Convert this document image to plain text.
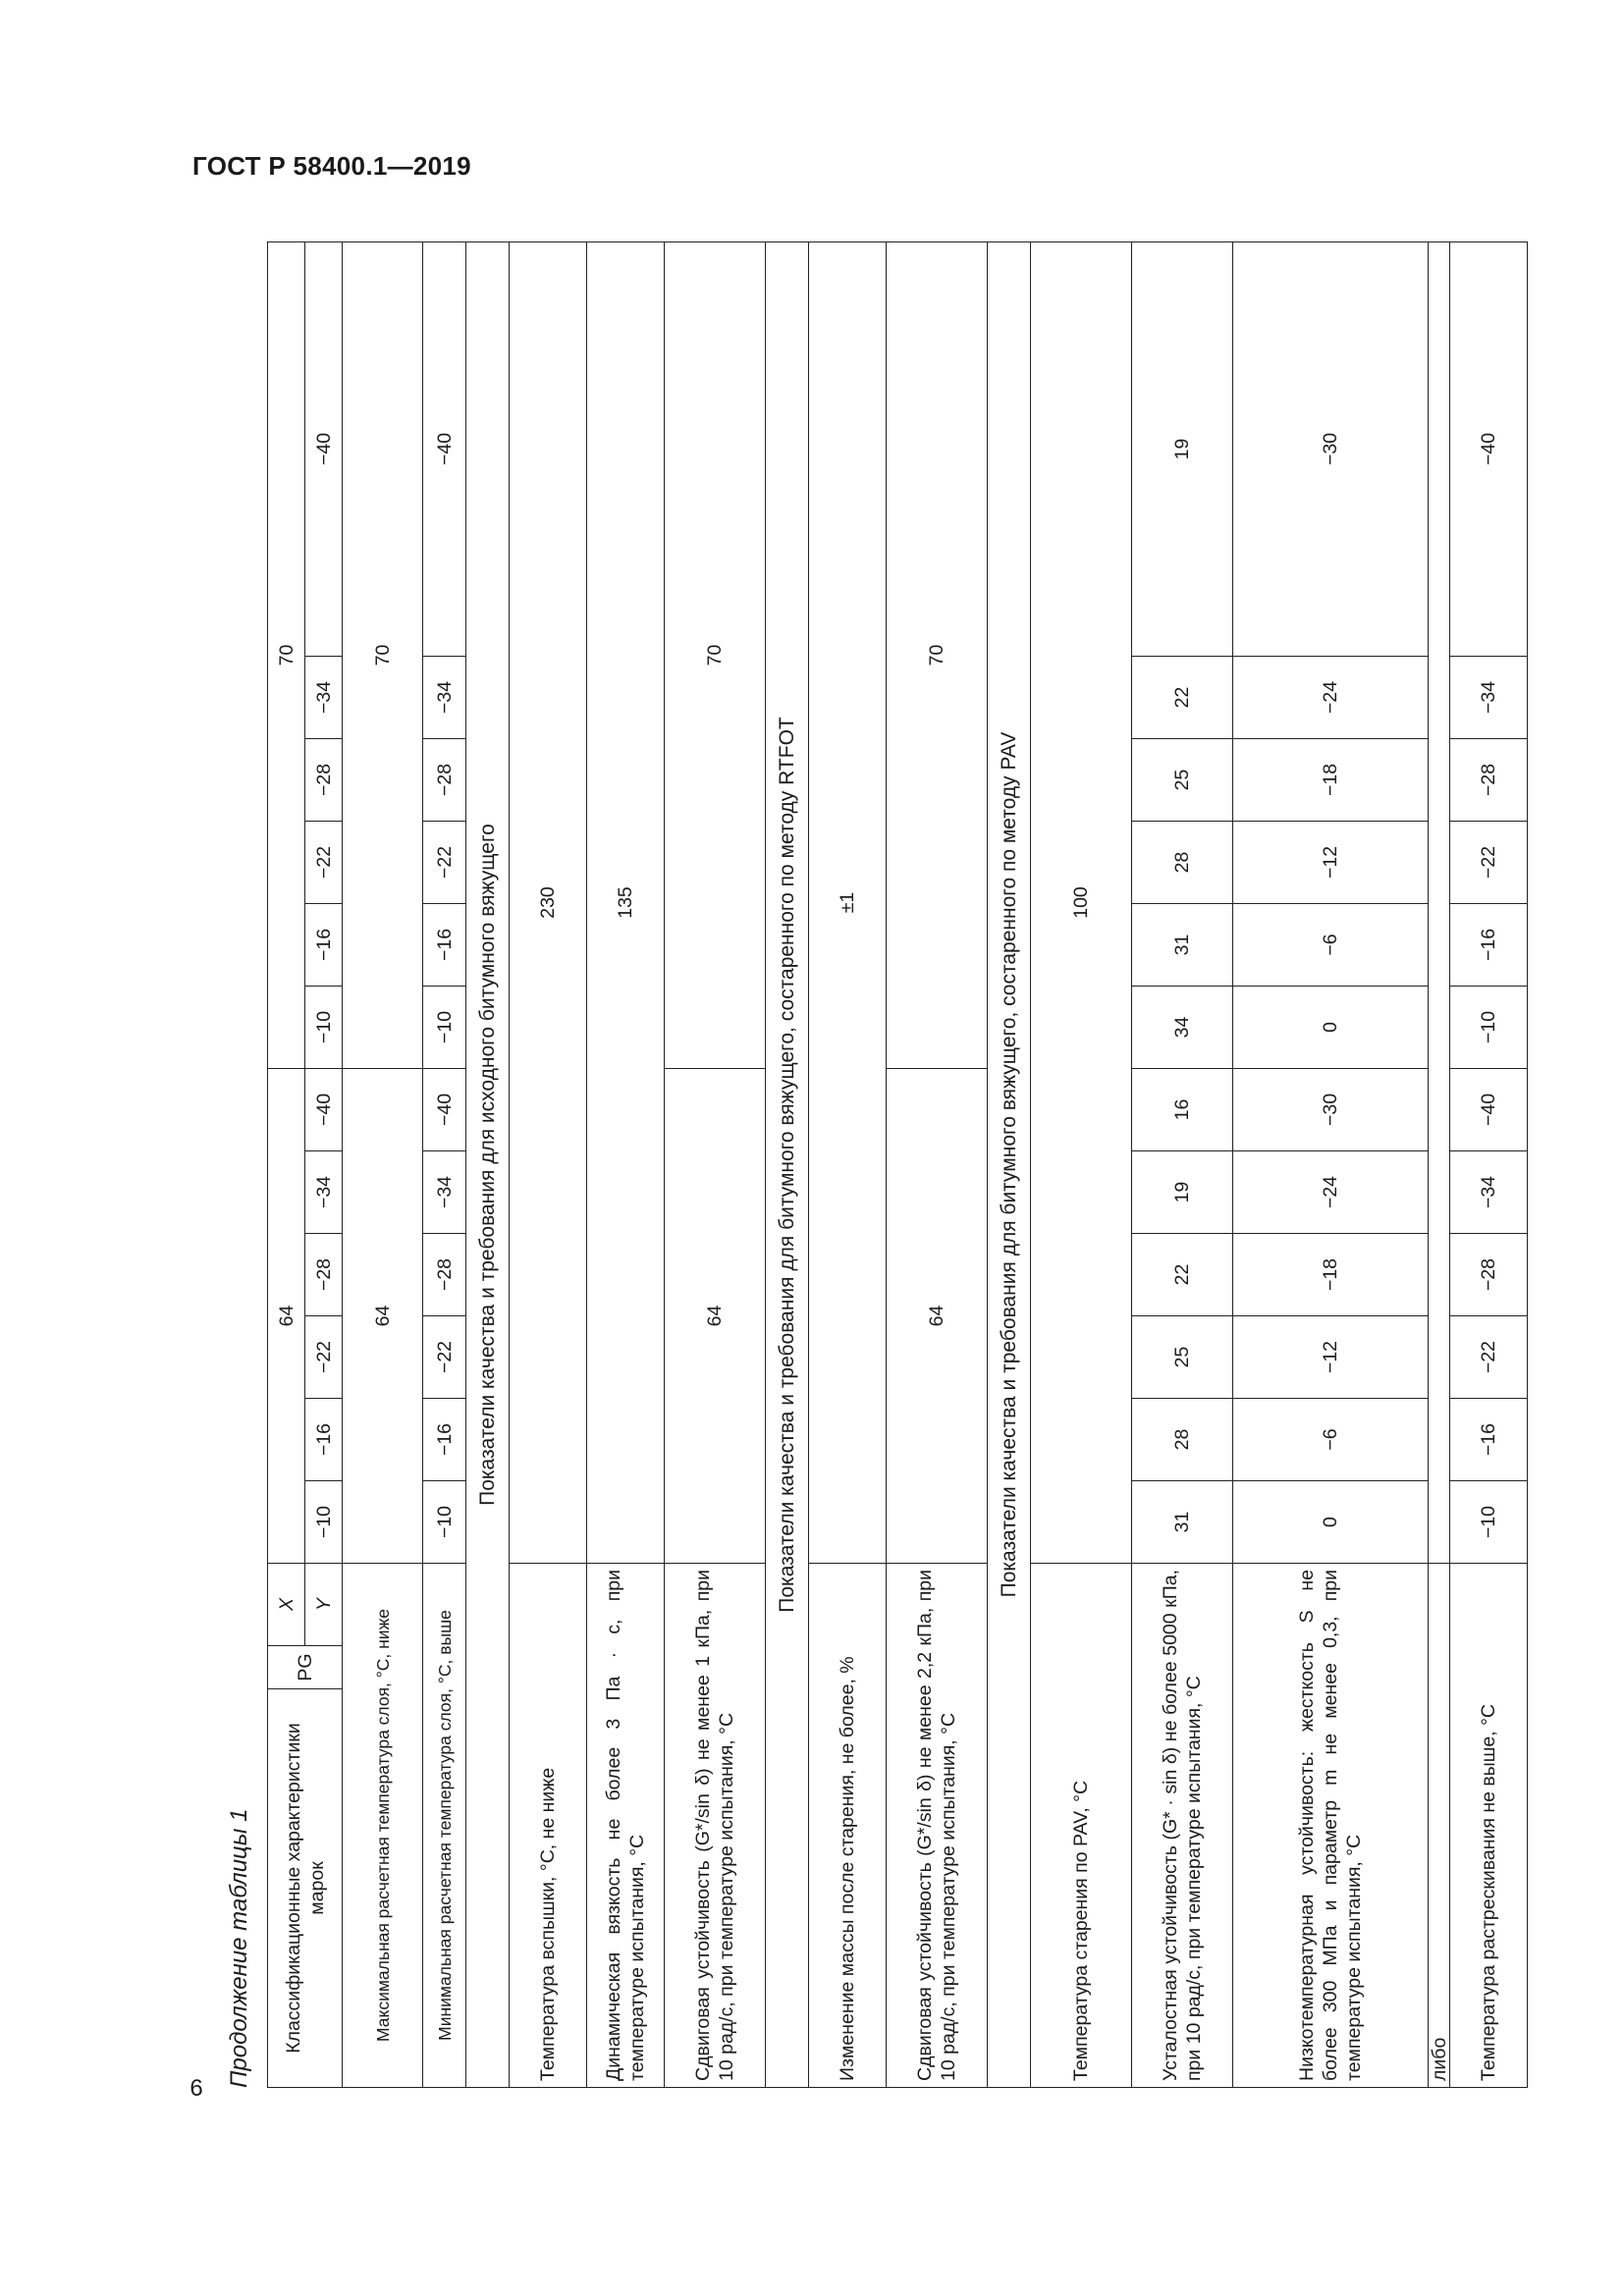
ГОСТ Р 58400.1—2019
6
Продолжение таблицы 1 Классификационные характеристики марок	PG	X	64						70	
		Y	−10	−16	−22	−28	−34	−40	−10	−16	−22	−28	−34	−40	
Максимальная расчетная температура слоя, °C, ниже			64						70						
Минимальная расчетная температура слоя, °C, выше			−10	−16	−22	−28	−34	−40	−10	−16	−22	−28	−34	−40	
Показатели качества и требования для исходного битумного вяжущего															
Температура вспышки, °C, не ниже			230	
Динамическая вязкость не более 3 Па · с, при температуре испытания, °C			135	
Сдвиговая устойчивость (G*/sin δ) не менее 1 кПа, при 10 рад/с, при температуре испытания, °C			64						70	
Показатели качества и требования для битумного вяжущего, состаренного по методу RTFOT															
Изменение массы после старения, не более, %			±1	
Сдвиговая устойчивость (G*/sin δ) не менее 2,2 кПа, при 10 рад/с, при температуре испытания, °C			64						70	
Показатели качества и требования для битумного вяжущего, состаренного по методу PAV															
Температура старения по PAV, °C			100	
Усталостная устойчивость (G* · sin δ) не более 5000 кПа, при 10 рад/с, при температуре испытания, °C			31	28	25	22	19	16	34	31	28	25	22	19	
Низкотемпературная устойчивость: жесткость S не более 300 МПа и параметр m не менее 0,3, при температуре испытания, °C			0	−6	−12	−18	−24	−30	0	−6	−12	−18	−24	−30	
либо															
Температура растрескивания не выше, °C			−10	−16	−22	−28	−34	−40	−10	−16	−22	−28	−34	−40	
